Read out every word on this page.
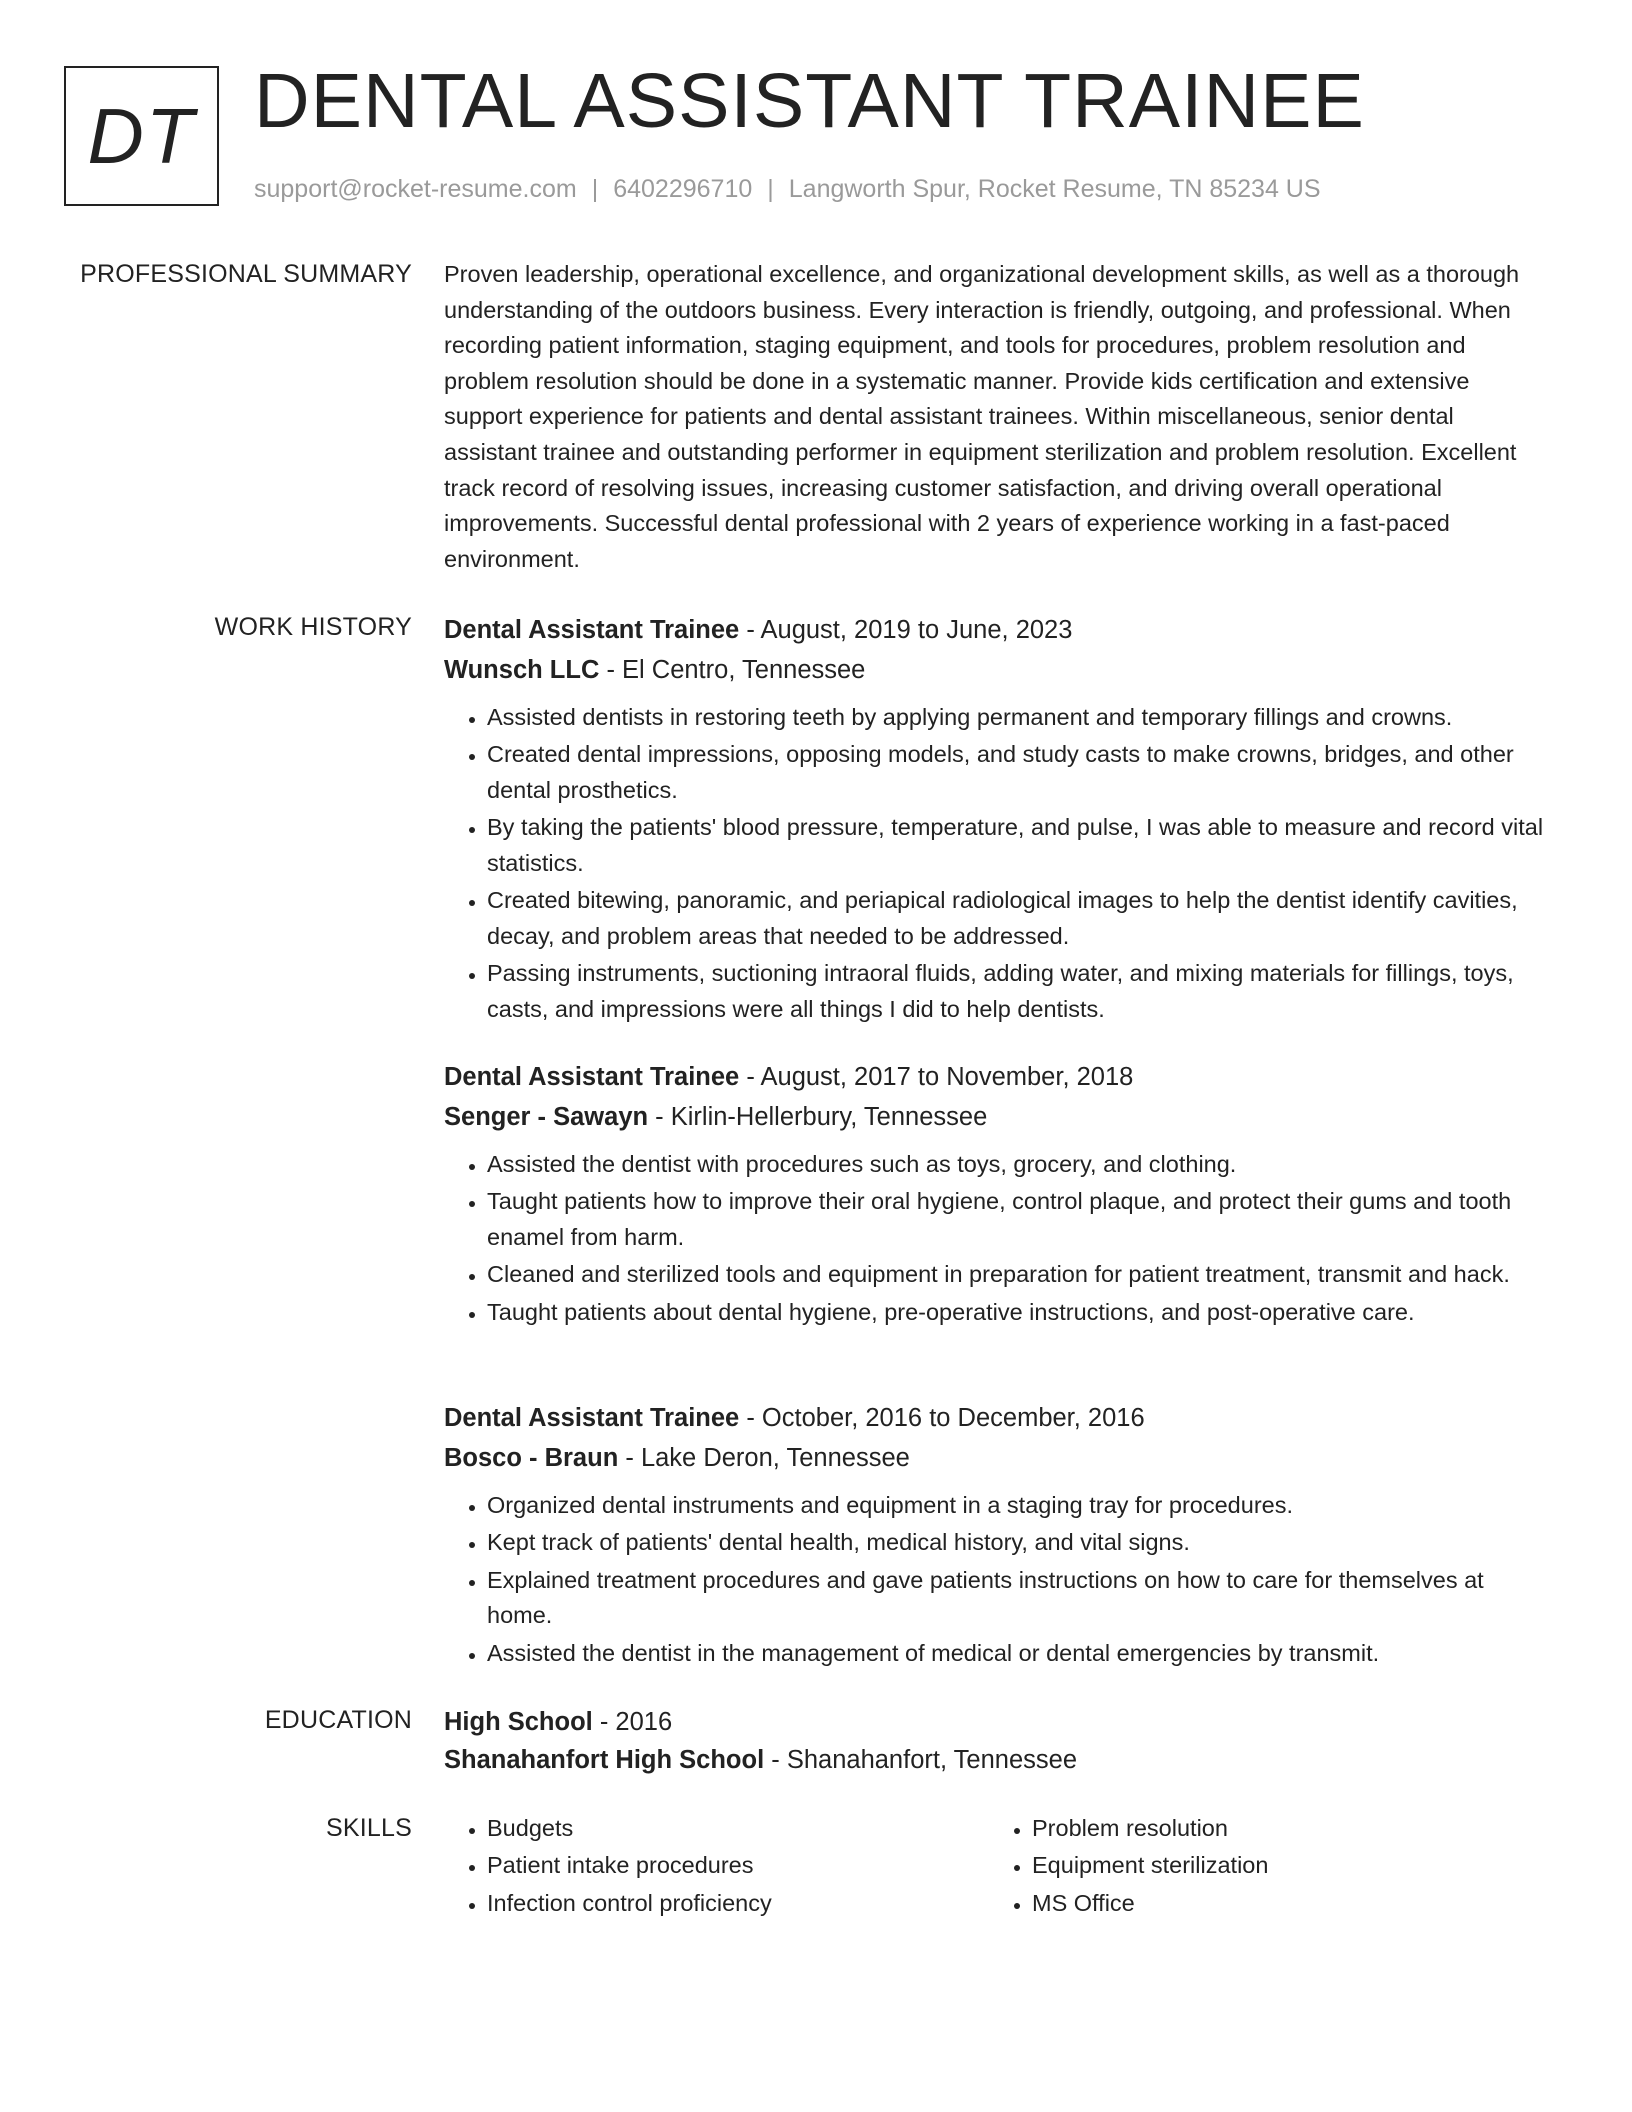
DT DENTAL ASSISTANT TRAINEE
support@rocket-resume.com | 6402296710 | Langworth Spur, Rocket Resume, TN 85234 US
PROFESSIONAL SUMMARY Proven leadership, operational excellence, and organizational development skills, as well as a thorough understanding of the outdoors business. Every interaction is friendly, outgoing, and professional. When recording patient information, staging equipment, and tools for procedures, problem resolution and problem resolution should be done in a systematic manner. Provide kids certification and extensive support experience for patients and dental assistant trainees. Within miscellaneous, senior dental assistant trainee and outstanding performer in equipment sterilization and problem resolution. Excellent track record of resolving issues, increasing customer satisfaction, and driving overall operational improvements. Successful dental professional with 2 years of experience working in a fast-paced environment.

WORK HISTORY Dental Assistant Trainee - August, 2019 to June, 2023
Wunsch LLC - El Centro, Tennessee
• Assisted dentists in restoring teeth by applying permanent and temporary fillings and crowns.
• Created dental impressions, opposing models, and study casts to make crowns, bridges, and other dental prosthetics.
• By taking the patients' blood pressure, temperature, and pulse, I was able to measure and record vital statistics.
• Created bitewing, panoramic, and periapical radiological images to help the dentist identify cavities, decay, and problem areas that needed to be addressed.
• Passing instruments, suctioning intraoral fluids, adding water, and mixing materials for fillings, toys, casts, and impressions were all things I did to help dentists.
Dental Assistant Trainee - August, 2017 to November, 2018
Senger - Sawayn - Kirlin-Hellerbury, Tennessee
• Assisted the dentist with procedures such as toys, grocery, and clothing.
• Taught patients how to improve their oral hygiene, control plaque, and protect their gums and tooth enamel from harm.
• Cleaned and sterilized tools and equipment in preparation for patient treatment, transmit and hack.
• Taught patients about dental hygiene, pre-operative instructions, and post-operative care.
Dental Assistant Trainee - October, 2016 to December, 2016
Bosco - Braun - Lake Deron, Tennessee
• Organized dental instruments and equipment in a staging tray for procedures.
• Kept track of patients' dental health, medical history, and vital signs.
• Explained treatment procedures and gave patients instructions on how to care for themselves at home.
• Assisted the dentist in the management of medical or dental emergencies by transmit.
EDUCATION High School - 2016
Shanahanfort High School - Shanahanfort, Tennessee
SKILLS
•	Budgets
• Patient intake procedures
• Infection control proficiency
• Problem resolution
• Equipment sterilization
• MS Office
